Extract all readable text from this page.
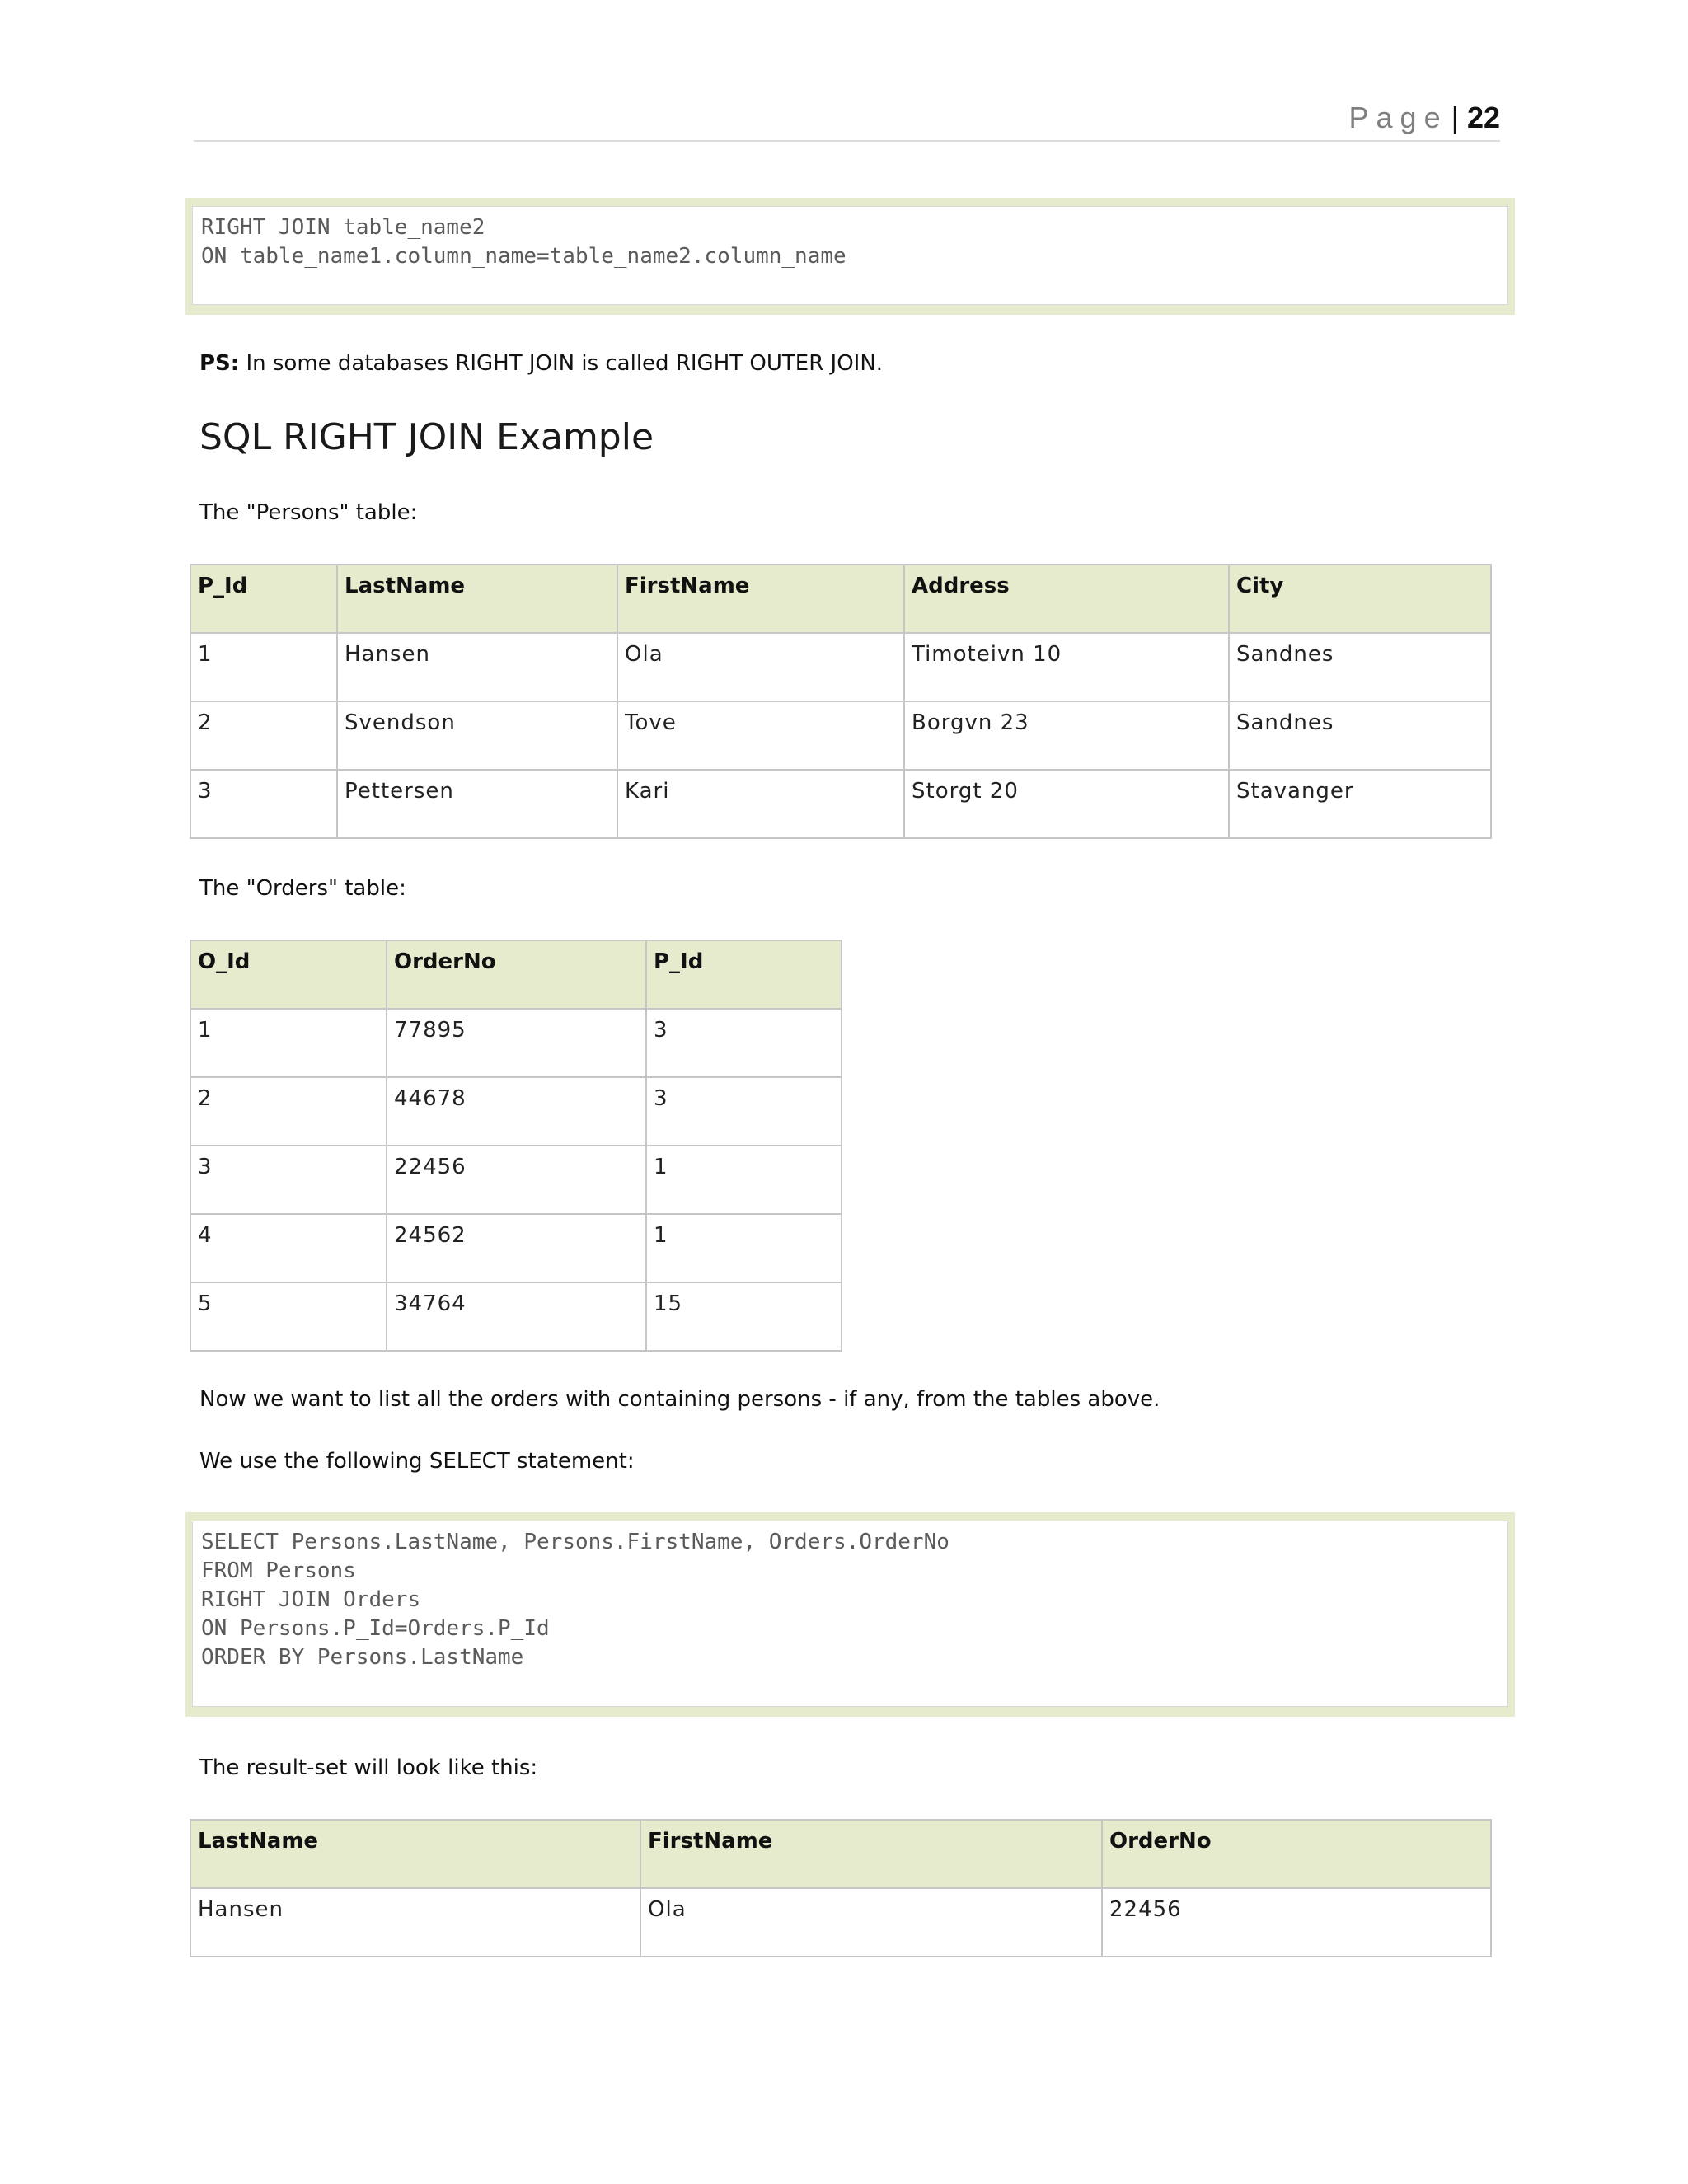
Page | 22
RIGHT JOIN table_name2
ON table_name1.column_name=table_name2.column_name
PS: In some databases RIGHT JOIN is called RIGHT OUTER JOIN.
SQL RIGHT JOIN Example
The "Persons" table:
P_Id	LastName	FirstName	Address	City
1	Hansen	Ola	Timoteivn 10	Sandnes
2	Svendson	Tove	Borgvn 23	Sandnes
3	Pettersen	Kari	Storgt 20	Stavanger
The "Orders" table:
O_Id	OrderNo	P_Id
1	77895	3
2	44678	3
3	22456	1
4	24562	1
5	34764	15
Now we want to list all the orders with containing persons - if any, from the tables above.
We use the following SELECT statement:
SELECT Persons.LastName, Persons.FirstName, Orders.OrderNo
FROM Persons
RIGHT JOIN Orders
ON Persons.P_Id=Orders.P_Id
ORDER BY Persons.LastName
The result-set will look like this:
LastName	FirstName	OrderNo
Hansen	Ola	22456
